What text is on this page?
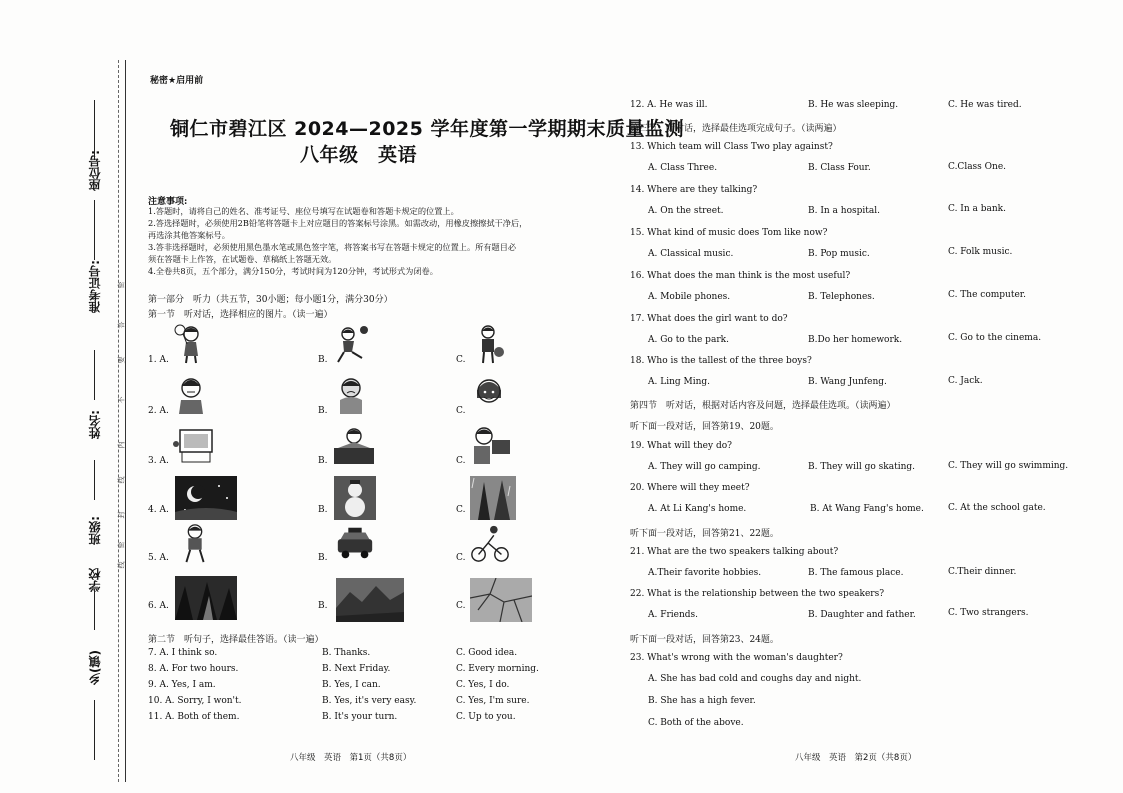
座位号:
准考证号:
姓名:
班级:
学校
乡(镇)
密
答
要
不
内
线
封
密
线
秘密★启用前
铜仁市碧江区 2024—2025 学年度第一学期期末质量监测
八年级　英语
注意事项:
1.答题时，请将自己的姓名、准考证号、座位号填写在试题卷和答题卡规定的位置上。
2.答选择题时，必须使用2B铅笔将答题卡上对应题目的答案标号涂黑。如需改动，用橡皮擦擦拭干净后，
再选涂其他答案标号。
3.答非选择题时，必须使用黑色墨水笔或黑色签字笔，将答案书写在答题卡规定的位置上。所有题目必
须在答题卡上作答，在试题卷、草稿纸上答题无效。
4.全卷共8页，五个部分，满分150分，考试时间为120分钟，考试形式为闭卷。
第一部分　听力（共五节，30小题；每小题1分，满分30分）
第一节　听对话，选择相应的图片。（读一遍）
1. A.	B.	C.
2. A.	B.	C.
3. A.	B.	C.
4. A.	B.	C.
5. A.	B.	C.
6. A.	B.	C.
第二节　听句子，选择最佳答语。（读一遍）
7. A. I think so.	B. Thanks.	C. Good idea.
8. A. For two hours.	B. Next Friday.	C. Every morning.
9. A. Yes, I am.	B. Yes, I can.	C. Yes, I do.
10. A. Sorry, I won't.	B. Yes, it's very easy.	C. Yes, I'm sure.
11. A. Both of them.	B. It's your turn.	C. Up to you.
八年级　英语　第1页（共8页）
12. A. He was ill.	B. He was sleeping.	C. He was tired.
第三节　听对话，选择最佳选项完成句子。（读两遍）
13. Which team will Class Two play against?
A. Class Three.	B. Class Four.	C.Class One.
14. Where are they talking?
A. On the street.	B. In a hospital.	C. In a bank.
15. What kind of music does Tom like now?
A. Classical music.	B. Pop music.	C. Folk music.
16. What does the man think is the most useful?
A. Mobile phones.	B. Telephones.	C. The computer.
17. What does the girl want to do?
A. Go to the park.	B.Do her homework.	C. Go to the cinema.
18. Who is the tallest of the three boys?
A. Ling Ming.	B. Wang Junfeng.	C. Jack.
第四节　听对话，根据对话内容及问题，选择最佳选项。（读两遍）
听下面一段对话，回答第19、20题。
19. What will they do?
A. They will go camping.	B. They will go skating.	C. They will go swimming.
20. Where will they meet?
A. At Li Kang's home.	B. At Wang Fang's home.	C. At the school gate.
听下面一段对话，回答第21、22题。
21. What are the two speakers talking about?
A.Their favorite hobbies.	B. The famous place.	C.Their dinner.
22. What is the relationship between the two speakers?
A. Friends.	B. Daughter and father.	C. Two strangers.
听下面一段对话，回答第23、24题。
23. What's wrong with the woman's daughter?
A. She has bad cold and coughs day and night.
B. She has a high fever.
C. Both of the above.
八年级　英语　第2页（共8页）
